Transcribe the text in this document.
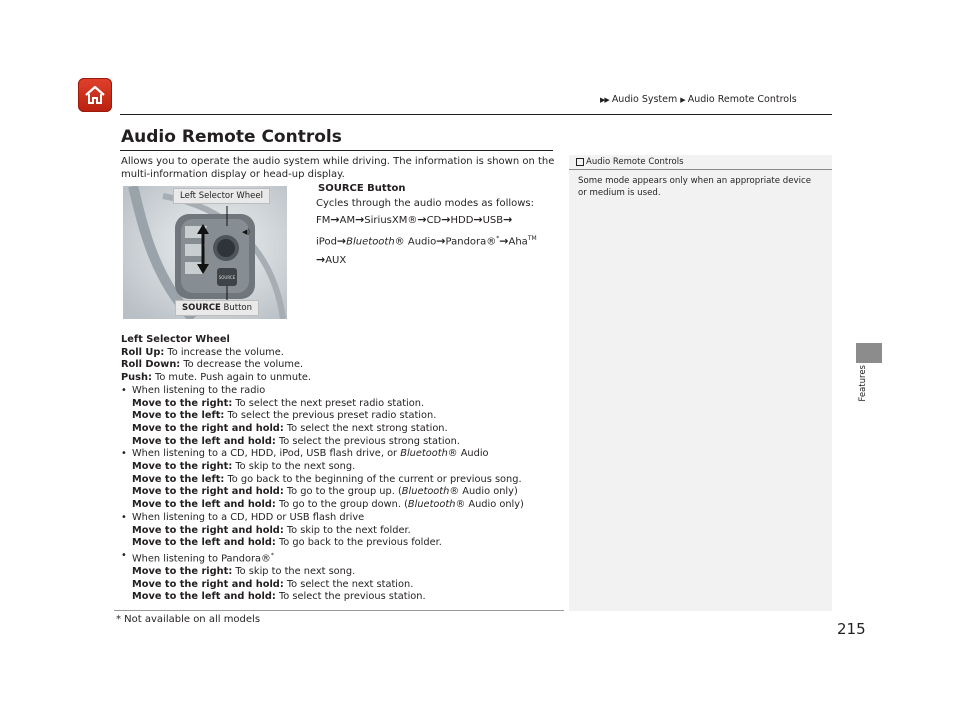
▶▶ Audio System ▶ Audio Remote Controls
Features
Audio Remote Controls
Allows you to operate the audio system while driving. The information is shown on the multi-information display or head-up display.
SOURCE
◀)
Left Selector Wheel
SOURCE Button
SOURCE Button
Cycles through the audio modes as follows:
FM→AM→SiriusXM®→CD→HDD→USB→
iPod→Bluetooth® Audio→Pandora®*→Aha™
→AUX
Left Selector Wheel
Roll Up: To increase the volume.
Roll Down: To decrease the volume.
Push: To mute. Push again to unmute.
• When listening to the radio
Move to the right: To select the next preset radio station.
Move to the left: To select the previous preset radio station.
Move to the right and hold: To select the next strong station.
Move to the left and hold: To select the previous strong station.
• When listening to a CD, HDD, iPod, USB flash drive, or Bluetooth® Audio
Move to the right: To skip to the next song.
Move to the left: To go back to the beginning of the current or previous song.
Move to the right and hold: To go to the group up. (Bluetooth® Audio only)
Move to the left and hold: To go to the group down. (Bluetooth® Audio only)
• When listening to a CD, HDD or USB flash drive
Move to the right and hold: To skip to the next folder.
Move to the left and hold: To go back to the previous folder.
• When listening to Pandora®*
Move to the right: To skip to the next song.
Move to the right and hold: To select the next station.
Move to the left and hold: To select the previous station.
Audio Remote Controls
Some mode appears only when an appropriate device or medium is used.
* Not available on all models
215
